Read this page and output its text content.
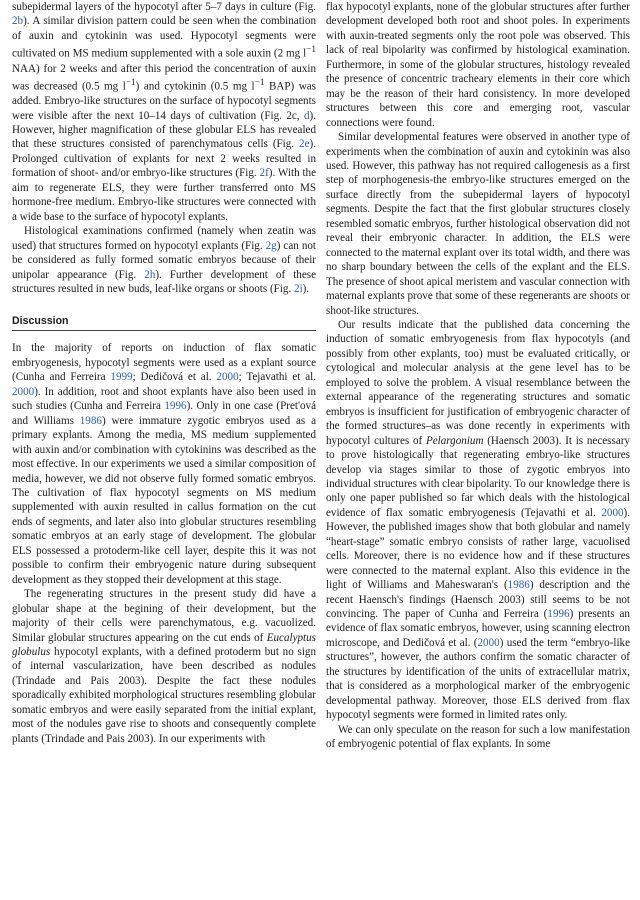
subepidermal layers of the hypocotyl after 5–7 days in culture (Fig. 2b). A similar division pattern could be seen when the combination of auxin and cytokinin was used. Hypocotyl segments were cultivated on MS medium supplemented with a sole auxin (2 mg $l^{-1}$ NAA) for 2 weeks and after this period the concentration of auxin was decreased (0.5 mg $l^{-1}$) and cytokinin (0.5 mg $l^{-1}$ BAP) was added. Embryo-like structures on the surface of hypocotyl segments were visible after the next 10–14 days of cultivation (Fig. 2c, d). However, higher magnification of these globular ELS has revealed that these structures consisted of parenchymatous cells (Fig. 2e). Prolonged cultivation of explants for next 2 weeks resulted in formation of shoot- and/or embryo-like structures (Fig. 2f). With the aim to regenerate ELS, they were further transferred onto MS hormone-free medium. Embryo-like structures were connected with a wide base to the surface of hypocotyl explants.

Histological examinations confirmed (namely when zeatin was used) that structures formed on hypocotyl explants (Fig. 2g) can not be considered as fully formed somatic embryos because of their unipolar appearance (Fig. 2h). Further development of these structures resulted in new buds, leaf-like organs or shoots (Fig. 2i).

Discussion

In the majority of reports on induction of flax somatic embryogenesis, hypocotyl segments were used as a explant source (Cunha and Ferreira 1999; Dedičová et al. 2000; Tejavathi et al. 2000). In addition, root and shoot explants have also been used in such studies (Cunha and Ferreira 1996). Only in one case (Pret'ová and Williams 1986) were immature zygotic embryos used as a primary explants. Among the media, MS medium supplemented with auxin and/or combination with cytokinins was described as the most effective. In our experiments we used a similar composition of media, however, we did not observe fully formed somatic embryos. The cultivation of flax hypocotyl segments on MS medium supplemented with auxin resulted in callus formation on the cut ends of segments, and later also into globular structures resembling somatic embryos at an early stage of development. The globular ELS possessed a protoderm-like cell layer, despite this it was not possible to confirm their embryogenic nature during subsequent development as they stopped their development at this stage.

The regenerating structures in the present study did have a globular shape at the begining of their development, but the majority of their cells were parenchymatous, e.g. vacuolized. Similar globular structures appearing on the cut ends of Eucalyptus globulus hypocotyl explants, with a defined protoderm but no sign of internal vascularization, have been described as nodules (Trindade and Pais 2003). Despite the fact these nodules sporadically exhibited morphological structures resembling globular somatic embryos and were easily separated from the initial explant, most of the nodules gave rise to shoots and consequently complete plants (Trindade and Pais 2003). In our experiments with

flax hypocotyl explants, none of the globular structures after further development developed both root and shoot poles. In experiments with auxin-treated segments only the root pole was observed. This lack of real bipolarity was confirmed by histological examination. Furthermore, in some of the globular structures, histology revealed the presence of concentric tracheary elements in their core which may be the reason of their hard consistency. In more developed structures between this core and emerging root, vascular connections were found.

Similar developmental features were observed in another type of experiments when the combination of auxin and cytokinin was also used. However, this pathway has not required callogenesis as a first step of morphogenesis-the embryo-like structures emerged on the surface directly from the subepidermal layers of hypocotyl segments. Despite the fact that the first globular structures closely resembled somatic embryos, further histological observation did not reveal their embryonic character. In addition, the ELS were connected to the maternal explant over its total width, and there was no sharp boundary between the cells of the explant and the ELS. The presence of shoot apical meristem and vascular connection with maternal explants prove that some of these regenerants are shoots or shoot-like structures.

Our results indicate that the published data concerning the induction of somatic embryogenesis from flax hypocotyls (and possibly from other explants, too) must be evaluated critically, or cytological and molecular analysis at the gene level has to be employed to solve the problem. A visual resemblance between the external appearance of the regenerating structures and somatic embryos is insufficient for justification of embryogenic character of the formed structures–as was done recently in experiments with hypocotyl cultures of Pelargonium (Haensch 2003). It is necessary to prove histologically that regenerating embryo-like structures develop via stages similar to those of zygotic embryos into individual structures with clear bipolarity. To our knowledge there is only one paper published so far which deals with the histological evidence of flax somatic embryogenesis (Tejavathi et al. 2000). However, the published images show that both globular and namely “heart-stage” somatic embryo consists of rather large, vacuolised cells. Moreover, there is no evidence how and if these structures were connected to the maternal explant. Also this evidence in the light of Williams and Maheswaran's (1986) description and the recent Haensch's findings (Haensch 2003) still seems to be not convincing. The paper of Cunha and Ferreira (1996) presents an evidence of flax somatic embryos, however, using scanning electron microscope, and Dedičová et al. (2000) used the term “embryo-like structures”, however, the authors confirm the somatic character of the structures by identification of the units of extracellular matrix, that is considered as a morphological marker of the embryogenic developmental pathway. Moreover, those ELS derived from flax hypocotyl segments were formed in limited rates only.

We can only speculate on the reason for such a low manifestation of embryogenic potential of flax explants. In some
